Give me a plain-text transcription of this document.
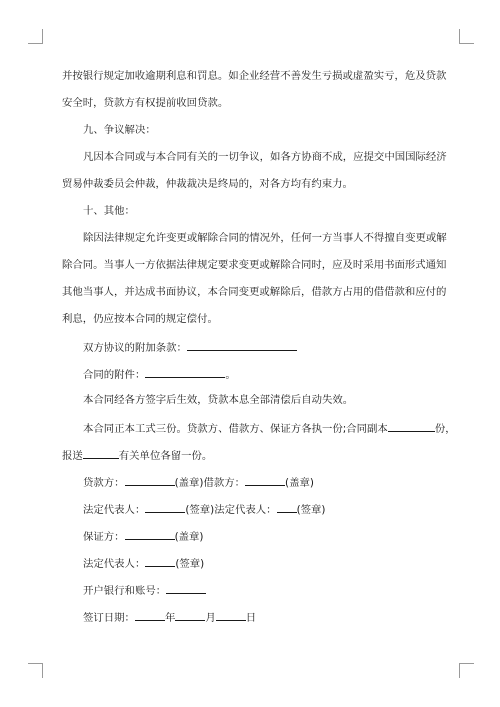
并按银行规定加收逾期利息和罚息。如企业经营不善发生亏损或虚盈实亏，危及贷款
安全时，贷款方有权提前收回贷款。
九、争议解决：
凡因本合同或与本合同有关的一切争议，如各方协商不成，应提交中国国际经济
贸易仲裁委员会仲裁，仲裁裁决是终局的，对各方均有约束力。
十、其他：
除因法律规定允许变更或解除合同的情况外，任何一方当事人不得擅自变更或解
除合同。当事人一方依据法律规定要求变更或解除合同时，应及时采用书面形式通知
其他当事人，并达成书面协议，本合同变更或解除后，借款方占用的借借款和应付的
利息，仍应按本合同的规定偿付。
双方协议的附加条款：
合同的附件：	。
本合同经各方签字后生效，贷款本息全部清偿后自动失效。
本合同正本工式三份。贷款方、借款方、保证方各执一份;合同副本	份，
报送	有关单位各留一份。
贷款方：	(盖章)借款方：	(盖章)
法定代表人：	(签章)法定代表人： (签章)
保证方：	(盖章)
法定代表人：	(签章)
开户银行和账号：
签订日期：	年	月	日
